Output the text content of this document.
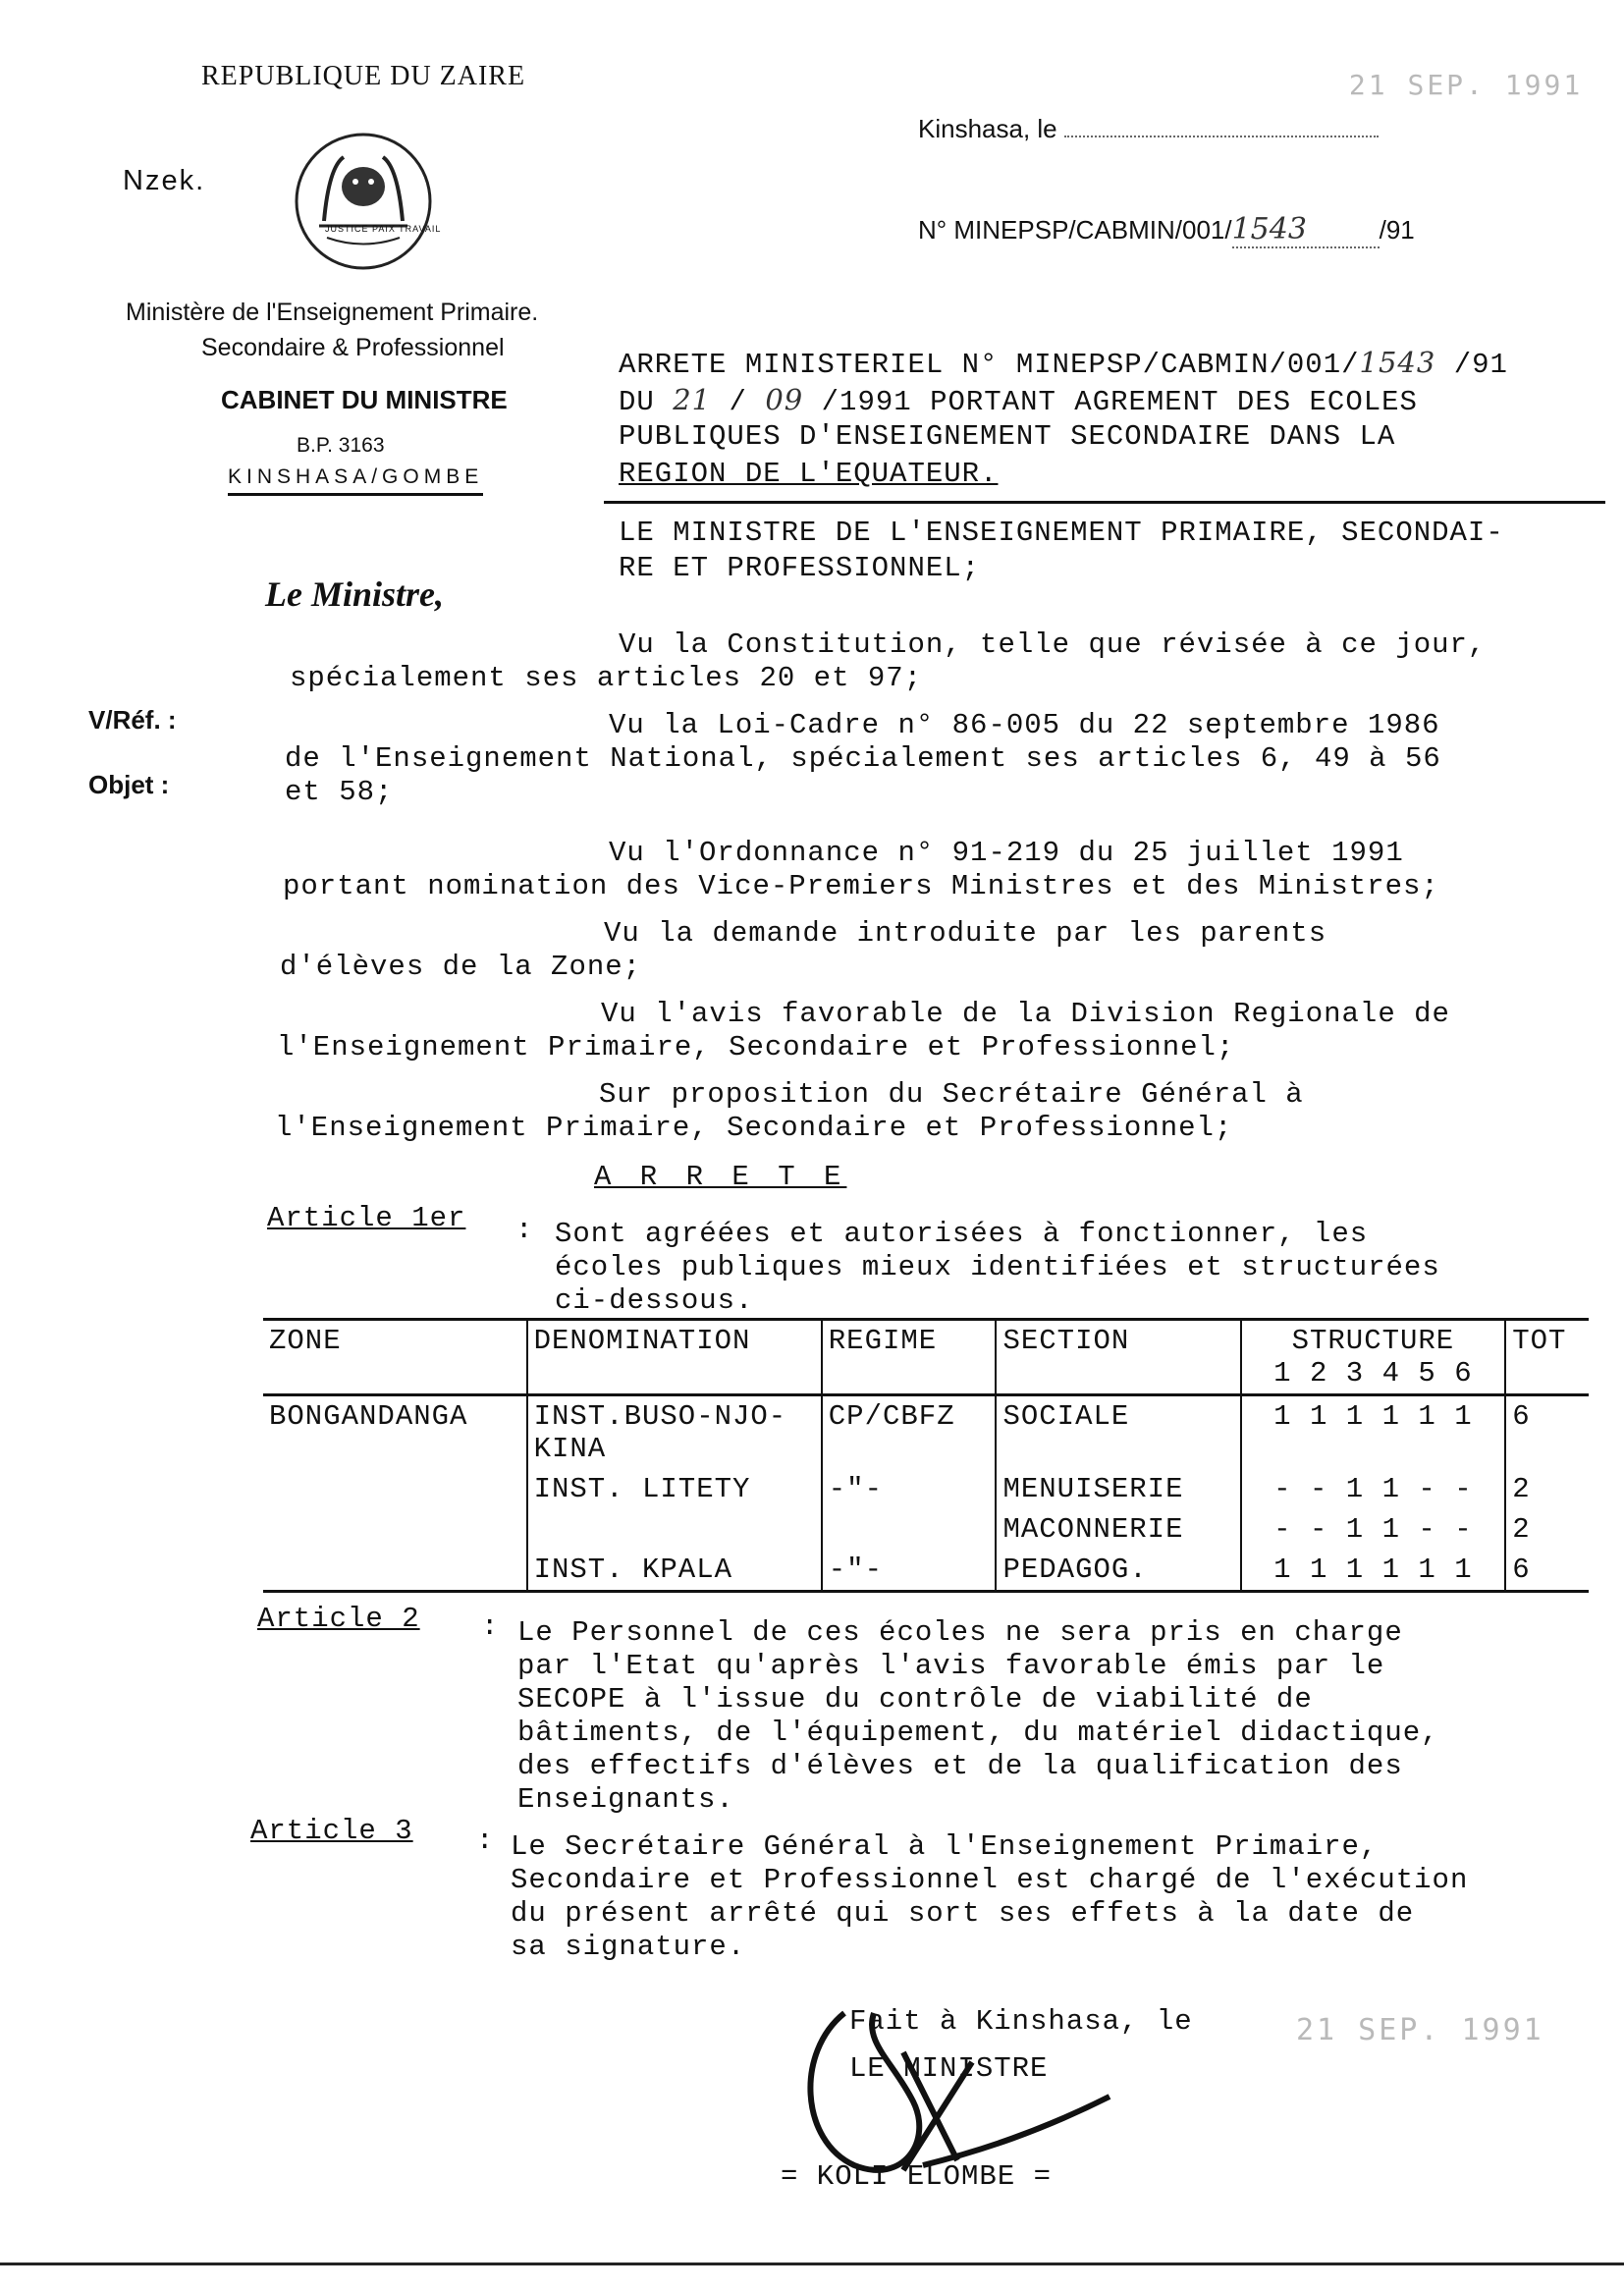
REPUBLIQUE DU ZAIRE
Nzek.
JUSTICE PAIX TRAVAIL
Kinshasa, le
21 SEP. 1991
N° MINEPSP/CABMIN/001/1543	/91
Ministère de l'Enseignement Primaire.
Secondaire & Professionnel
CABINET DU MINISTRE
B.P. 3163
KINSHASA/GOMBE
V/Réf. :
Objet :
ARRETE MINISTERIEL N° MINEPSP/CABMIN/001/1543 /91
DU 21 / 09 /1991 PORTANT AGREMENT DES ECOLES
PUBLIQUES D'ENSEIGNEMENT SECONDAIRE DANS LA
REGION DE L'EQUATEUR.
LE MINISTRE DE L'ENSEIGNEMENT PRIMAIRE, SECONDAI-
RE ET PROFESSIONNEL;
Le Ministre,
Vu la Constitution, telle que révisée à ce jour,
spécialement ses articles 20 et 97;
Vu la Loi-Cadre n° 86-005 du 22 septembre 1986
de l'Enseignement National, spécialement ses articles 6, 49 à 56
et 58;
Vu l'Ordonnance n° 91-219 du 25 juillet 1991
portant nomination des Vice-Premiers Ministres et des Ministres;
Vu la demande introduite par les parents
d'élèves de la Zone;
Vu l'avis favorable de la Division Regionale de
l'Enseignement Primaire, Secondaire et Professionnel;
Sur proposition du Secrétaire Général à
l'Enseignement Primaire, Secondaire et Professionnel;
A R R E T E
Article 1er : Sont agréées et autorisées à fonctionner, les
écoles publiques mieux identifiées et structurées
ci-dessous.
ZONE	DENOMINATION	REGIME	SECTION	STRUCTURE
1 2 3 4 5 6	TOT
BONGANDANGA	INST.BUSO-NJO-
KINA	CP/CBFZ	SOCIALE	1 1 1 1 1 1	6
	INST. LITETY	-"-	MENUISERIE	- - 1 1 - -	2
			MACONNERIE	- - 1 1 - -	2
	INST. KPALA	-"-	PEDAGOG.	1 1 1 1 1 1	6
Article 2 : Le Personnel de ces écoles ne sera pris en charge
par l'Etat qu'après l'avis favorable émis par le
SECOPE à l'issue du contrôle de viabilité de
bâtiments, de l'équipement, du matériel didactique,
des effectifs d'élèves et de la qualification des
Enseignants.
Article 3 : Le Secrétaire Général à l'Enseignement Primaire,
Secondaire et Professionnel est chargé de l'exécution
du présent arrêté qui sort ses effets à la date de
sa signature.
Fait à Kinshasa, le	21 SEP. 1991
LE MINISTRE
= KOLI ELOMBE =
